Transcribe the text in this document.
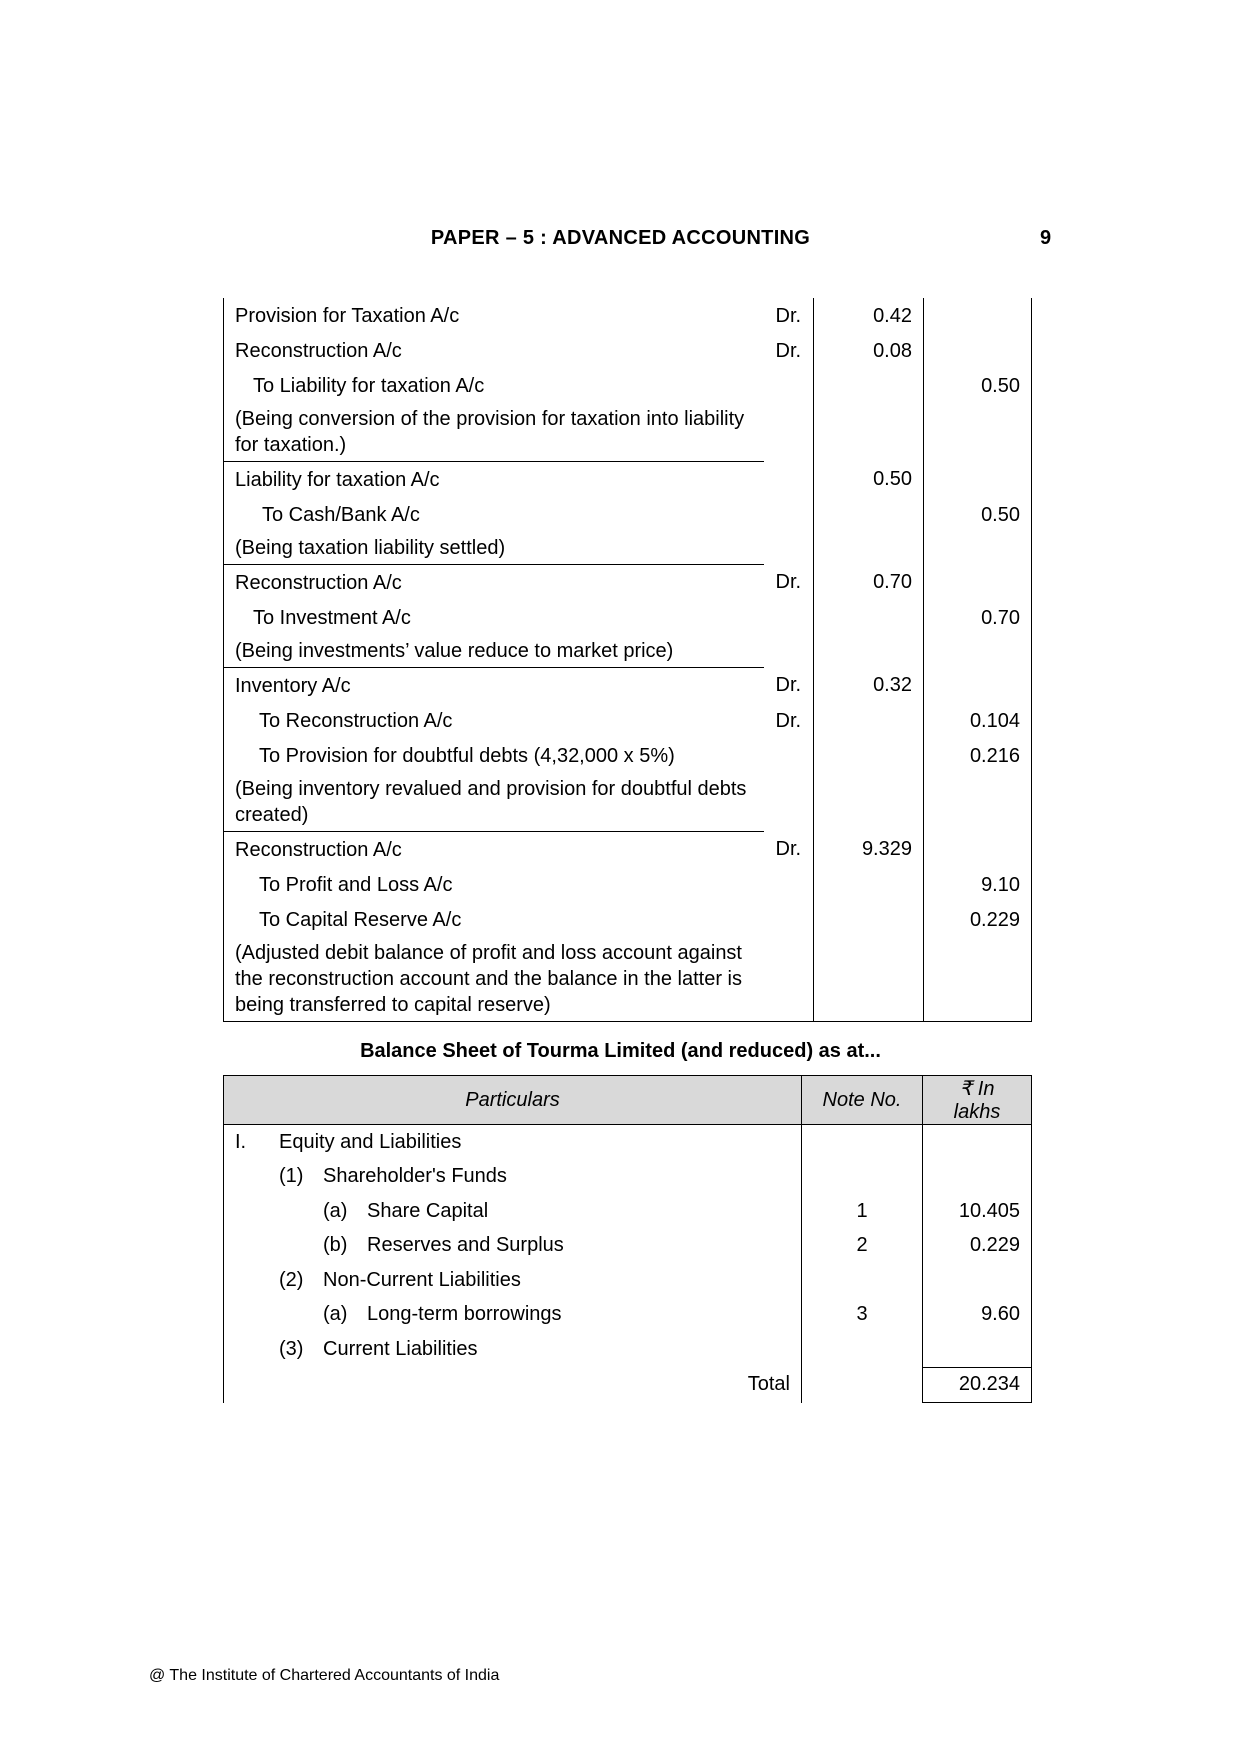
PAPER – 5 : ADVANCED ACCOUNTING	9
Provision for Taxation A/c	Dr.	0.42	
Reconstruction A/c	Dr.	0.08	
To Liability for taxation A/c			0.50
(Being conversion of the provision for taxation into liability for taxation.)			
Liability for taxation A/c		0.50	
To Cash/Bank A/c			0.50
(Being taxation liability settled)			
Reconstruction A/c	Dr.	0.70	
To Investment A/c			0.70
(Being investments’ value reduce to market price)			
Inventory A/c	Dr.	0.32	
To Reconstruction A/c	Dr.		0.104
To Provision for doubtful debts (4,32,000 x 5%)			0.216
(Being inventory revalued and provision for doubtful debts created)			
Reconstruction A/c	Dr.	9.329	
To Profit and Loss A/c			9.10
To Capital Reserve A/c			0.229
(Adjusted debit balance of profit and loss account against the reconstruction account and the balance in the latter is being transferred to capital reserve)			
Balance Sheet of Tourma Limited (and reduced) as at...
Particulars	Note No.	₹ In lakhs

I. Equity and Liabilities		

(1) Shareholder's Funds		

(a) Share Capital	1	10.405

(b) Reserves and Surplus	2	0.229

(2) Non-Current Liabilities		

(a) Long-term borrowings	3	9.60

(3) Current Liabilities		

Total		20.234
@ The Institute of Chartered Accountants of India
